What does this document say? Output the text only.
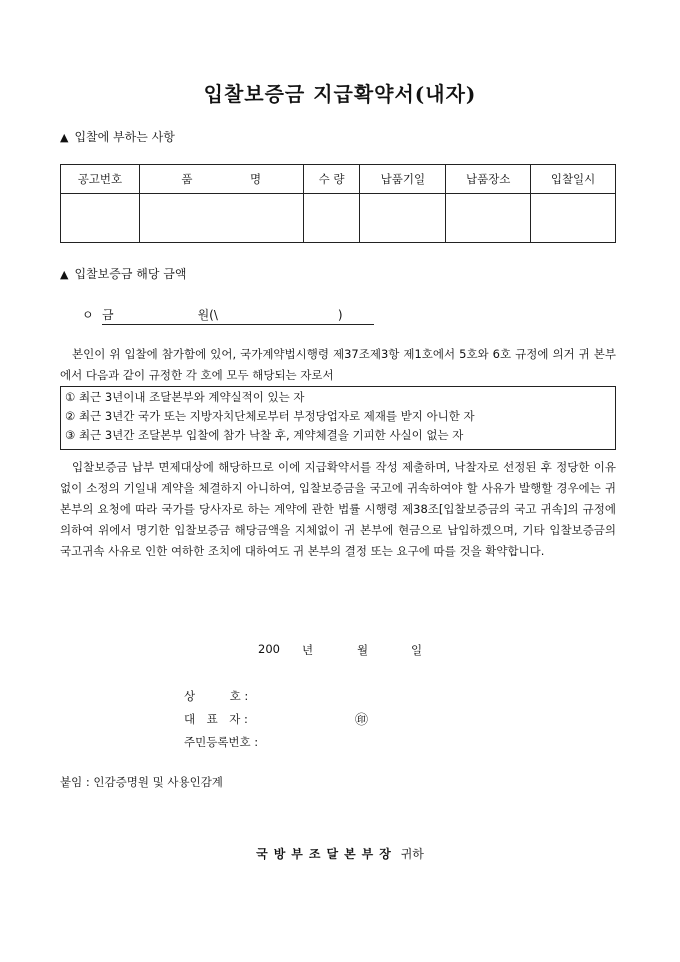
입찰보증금 지급확약서(내자)
▲ 입찰에 부하는 사항
공고번호	품　　　　　명	수 량	납품기일	납품장소	입찰일시

▲ 입찰보증금 해당 금액
ㅇ 금　　　　　　　원(\　　　　　　　　　　)
본인이 위 입찰에 참가함에 있어, 국가계약법시행령 제37조제3항 제1호에서 5호와 6호 규정에 의거 귀 본부에서 다음과 같이 규정한 각 호에 모두 해당되는 자로서
① 최근 3년이내 조달본부와 계약실적이 있는 자
② 최근 3년간 국가 또는 지방자치단체로부터 부정당업자로 제재를 받지 아니한 자
③ 최근 3년간 조달본부 입찰에 참가 낙찰 후, 계약체결을 기피한 사실이 없는 자
입찰보증금 납부 면제대상에 해당하므로 이에 지급확약서를 작성 제출하며, 낙찰자로 선정된 후 정당한 이유없이 소정의 기일내 계약을 체결하지 아니하여, 입찰보증금을 국고에 귀속하여야 할 사유가 발행할 경우에는 귀 본부의 요청에 따라 국가를 당사자로 하는 계약에 관한 법률 시행령 제38조[입찰보증금의 국고 귀속]의 규정에 의하여 위에서 명기한 입찰보증금 해당금액을 지체없이 귀 본부에 현금으로 납입하겠으며, 기타 입찰보증금의 국고귀속 사유로 인한 여하한 조치에 대하여도 귀 본부의 결정 또는 요구에 따를 것을 확약합니다.
200 년	월	일
상　　　호 :
대　표　자 :	㊞
주민등록번호 :
붙임 : 인감증명원 및 사용인감계
국방부조달본부장 귀하
